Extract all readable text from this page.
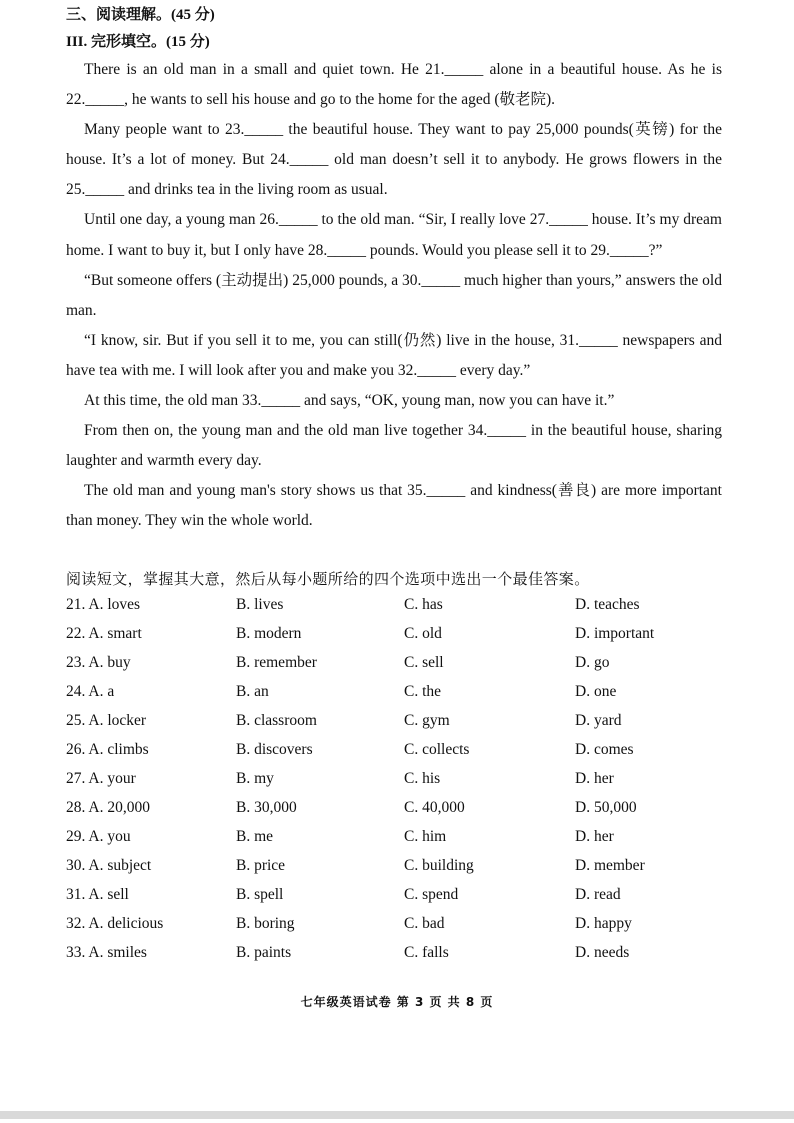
三、阅读理解。(45 分)
III. 完形填空。(15 分)

There is an old man in a small and quiet town. He 21._____ alone in a beautiful house. As he is 22._____, he wants to sell his house and go to the home for the aged (敬老院).

Many people want to 23._____ the beautiful house. They want to pay 25,000 pounds(英镑) for the house. It’s a lot of money. But 24._____ old man doesn’t sell it to anybody. He grows flowers in the 25._____ and drinks tea in the living room as usual.

Until one day, a young man 26._____ to the old man. “Sir, I really love 27._____ house. It’s my dream home. I want to buy it, but I only have 28._____ pounds. Would you please sell it to 29._____?”

“But someone offers (主动提出) 25,000 pounds, a 30._____ much higher than yours,” answers the old man.

“I know, sir. But if you sell it to me, you can still(仍然) live in the house, 31._____ newspapers and have tea with me. I will look after you and make you 32._____ every day.”

At this time, the old man 33._____ and says, “OK, young man, now you can have it.”

From then on, the young man and the old man live together 34._____ in the beautiful house, sharing laughter and warmth every day.

The old man and young man's story shows us that 35._____ and kindness(善良) are more important than money. They win the whole world.

阅读短文，掌握其大意，然后从每小题所给的四个选项中选出一个最佳答案。
21. A. loves	B. lives	C. has	D. teaches
22. A. smart	B. modern	C. old	D. important
23. A. buy	B. remember	C. sell	D. go
24. A. a	B. an	C. the	D. one
25. A. locker	B. classroom	C. gym	D. yard
26. A. climbs	B. discovers	C. collects	D. comes
27. A. your	B. my	C. his	D. her
28. A. 20,000	B. 30,000	C. 40,000	D. 50,000
29. A. you	B. me	C. him	D. her
30. A. subject	B. price	C. building	D. member
31. A. sell	B. spell	C. spend	D. read
32. A. delicious	B. boring	C. bad	D. happy
33. A. smiles	B. paints	C. falls	D. needs
七年级英语试卷 第 3 页 共 8 页
